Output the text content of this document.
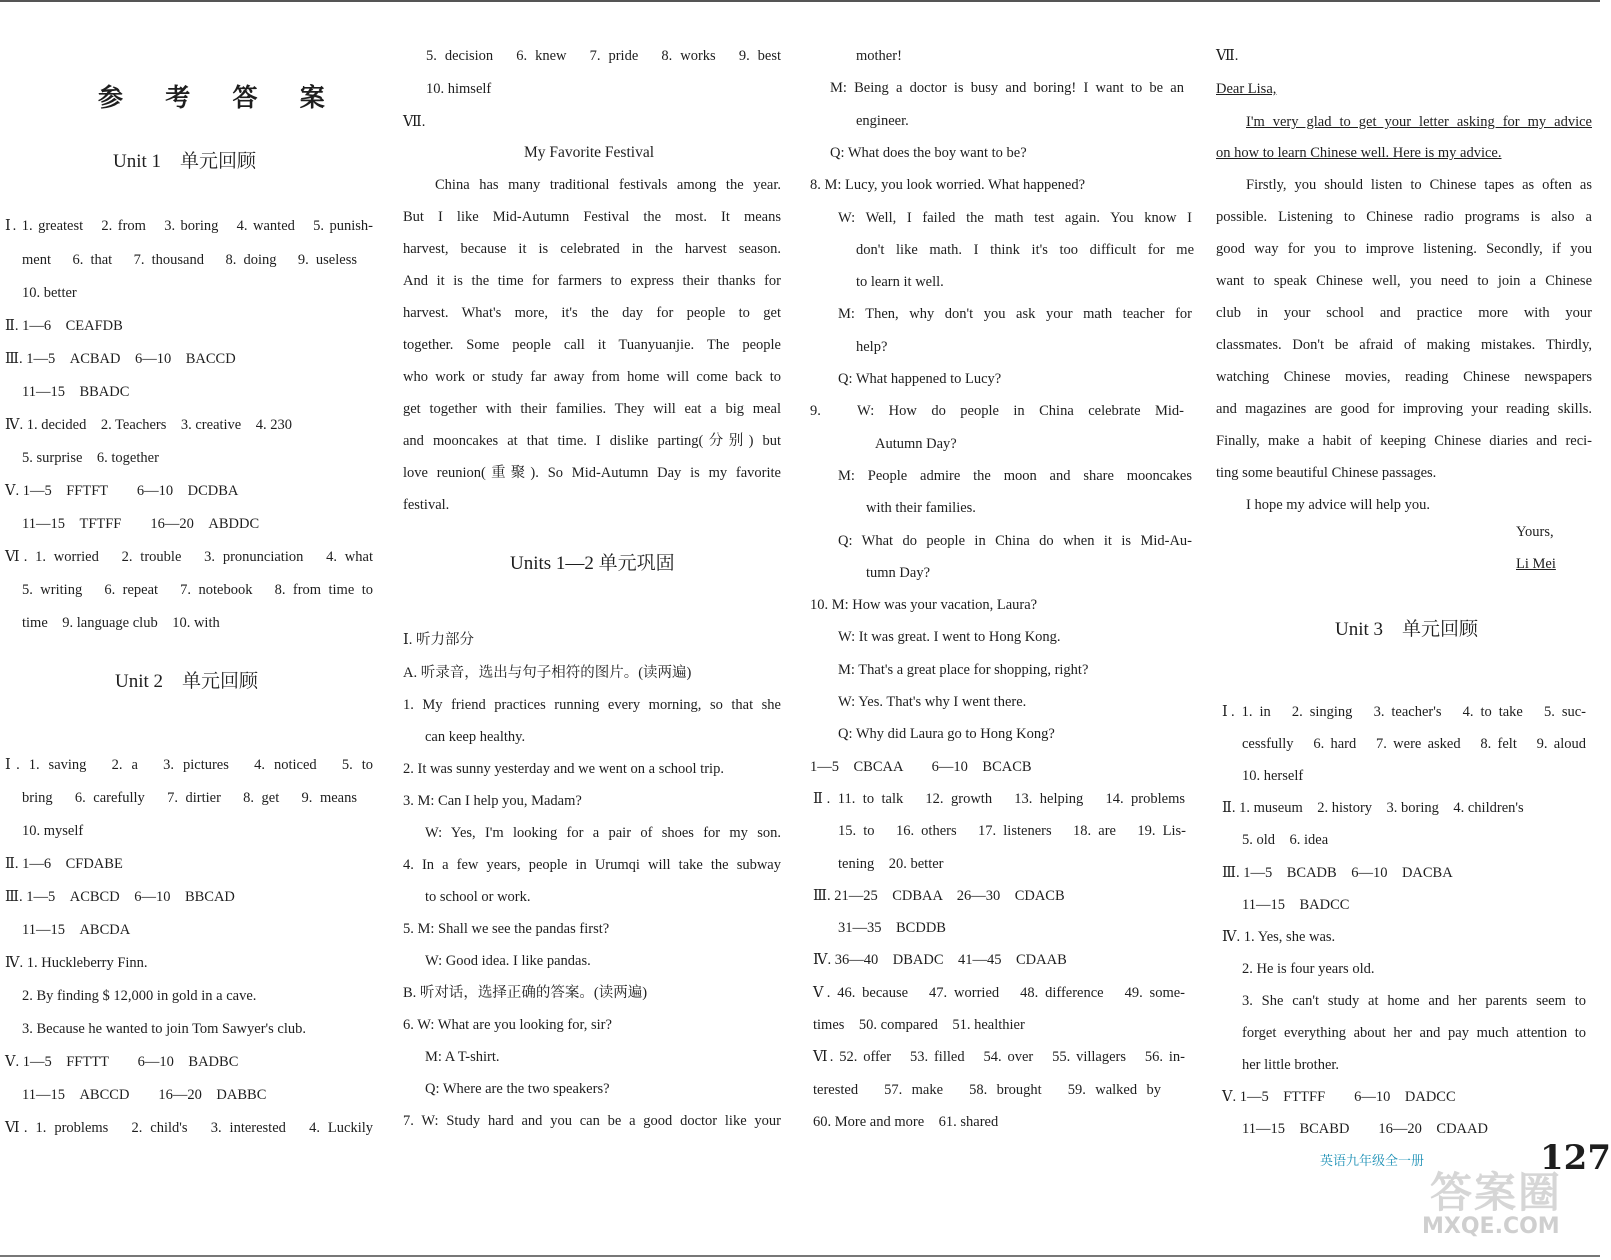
参 考 答 案
Unit 1　单元回顾
Ⅰ. 1. greatest　2. from　3. boring　4. wanted　5. punish-
ment　6. that　7. thousand　8. doing　9. useless
10. better
Ⅱ. 1—6　CEAFDB
Ⅲ. 1—5　ACBAD　6—10　BACCD
11—15　BBADC
Ⅳ. 1. decided　2. Teachers　3. creative　4. 230
5. surprise　6. together
Ⅴ. 1—5　FFTFT　　6—10　DCDBA
11—15　TFTFF　　16—20　ABDDC
Ⅵ. 1. worried　2. trouble　3. pronunciation　4. what
5. writing　6. repeat　7. notebook　8. from time to
time　9. language club　10. with
Unit 2　单元回顾
Ⅰ. 1. saving　2. a　3. pictures　4. noticed　5. to
bring　6. carefully　7. dirtier　8. get　9. means
10. myself
Ⅱ. 1—6　CFDABE
Ⅲ. 1—5　ACBCD　6—10　BBCAD
11—15　ABCDA
Ⅳ. 1. Huckleberry Finn.
2. By finding $ 12,000 in gold in a cave.
3. Because he wanted to join Tom Sawyer's club.
Ⅴ. 1—5　FFTTT　　6—10　BADBC
11—15　ABCCD　　16—20　DABBC
Ⅵ. 1. problems　2. child's　3. interested　4. Luckily
5. decision　6. knew　7. pride　8. works　9. best
10. himself
Ⅶ.
My Favorite Festival
China has many traditional festivals among the year.
But I like Mid-Autumn Festival the most. It means
harvest, because it is celebrated in the harvest season.
And it is the time for farmers to express their thanks for
harvest. What's more, it's the day for people to get
together. Some people call it Tuanyuanjie. The people
who work or study far away from home will come back to
get together with their families. They will eat a big meal
and mooncakes at that time. I dislike parting(分别) but
love reunion(重聚). So Mid-Autumn Day is my favorite
festival.
Units 1—2 单元巩固
Ⅰ. 听力部分
A. 听录音，选出与句子相符的图片。(读两遍)
1. My friend practices running every morning, so that she
can keep healthy.
2. It was sunny yesterday and we went on a school trip.
3. M: Can I help you, Madam?
W: Yes, I'm looking for a pair of shoes for my son.
4. In a few years, people in Urumqi will take the subway
to school or work.
5. M: Shall we see the pandas first?
W: Good idea. I like pandas.
B. 听对话，选择正确的答案。(读两遍)
6. W: What are you looking for, sir?
M: A T-shirt.
Q: Where are the two speakers?
7. W: Study hard and you can be a good doctor like your
mother!
M: Being a doctor is busy and boring! I want to be an
engineer.
Q: What does the boy want to be?
8. M: Lucy, you look worried. What happened?
W: Well, I failed the math test again. You know I
don't like math. I think it's too difficult for me
to learn it well.
M: Then, why don't you ask your math teacher for
help?
Q: What happened to Lucy?
9.　W: How do people in China celebrate Mid-
Autumn Day?
M: People admire the moon and share mooncakes
with their families.
Q: What do people in China do when it is Mid-Au-
tumn Day?
10. M: How was your vacation, Laura?
W: It was great. I went to Hong Kong.
M: That's a great place for shopping, right?
W: Yes. That's why I went there.
Q: Why did Laura go to Hong Kong?
1—5　CBCAA　　6—10　BCACB
Ⅱ. 11. to talk　12. growth　13. helping　14. problems
15. to　16. others　17. listeners　18. are　19. Lis-
tening　20. better
Ⅲ. 21—25　CDBAA　26—30　CDACB
31—35　BCDDB
Ⅳ. 36—40　DBADC　41—45　CDAAB
Ⅴ. 46. because　47. worried　48. difference　49. some-
times　50. compared　51. healthier
Ⅵ. 52. offer　53. filled　54. over　55. villagers　56. in-
terested　57. make　58. brought　59. walked by
60. More and more　61. shared
Ⅶ.
Dear Lisa,
I'm very glad to get your letter asking for my advice
on how to learn Chinese well. Here is my advice.
Firstly, you should listen to Chinese tapes as often as
possible. Listening to Chinese radio programs is also a
good way for you to improve listening. Secondly, if you
want to speak Chinese well, you need to join a Chinese
club in your school and practice more with your
classmates. Don't be afraid of making mistakes. Thirdly,
watching Chinese movies, reading Chinese newspapers
and magazines are good for improving your reading skills.
Finally, make a habit of keeping Chinese diaries and reci-
ting some beautiful Chinese passages.
I hope my advice will help you.
Yours,
Li Mei
Unit 3　单元回顾
Ⅰ. 1. in　2. singing　3. teacher's　4. to take　5. suc-
cessfully　6. hard　7. were asked　8. felt　9. aloud
10. herself
Ⅱ. 1. museum　2. history　3. boring　4. children's
5. old　6. idea
Ⅲ. 1—5　BCADB　6—10　DACBA
11—15　BADCC
Ⅳ. 1. Yes, she was.
2. He is four years old.
3. She can't study at home and her parents seem to
forget everything about her and pay much attention to
her little brother.
Ⅴ. 1—5　FTTFF　　6—10　DADCC
11—15　BCABD　　16—20　CDAAD
英语九年级全一册	127
答案圈
MXQE.COM
